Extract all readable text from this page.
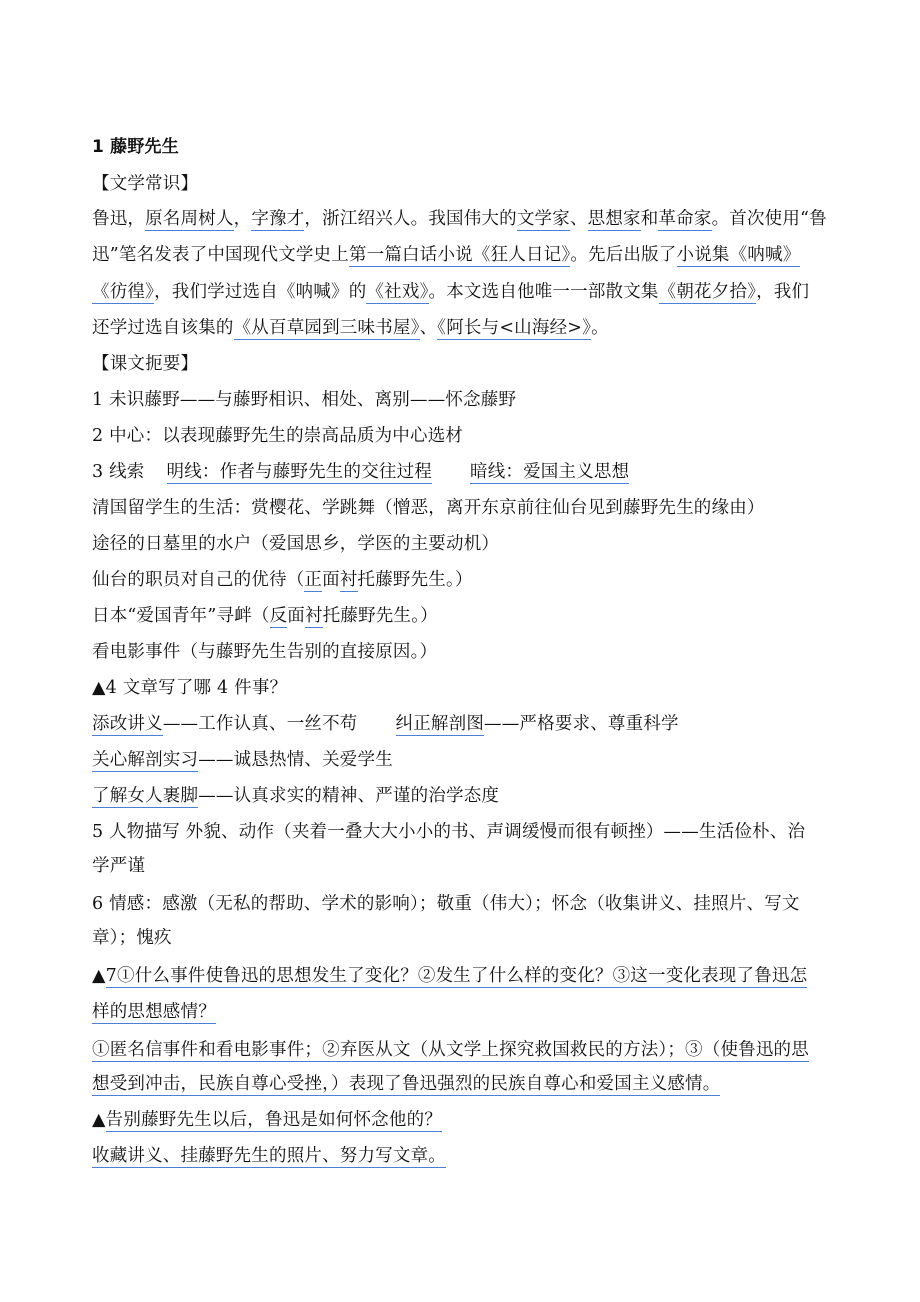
1 藤野先生
【文学常识】
鲁迅，原名周树人，字豫才，浙江绍兴人。我国伟大的文学家、思想家和革命家。首次使用“鲁
迅”笔名发表了中国现代文学史上第一篇白话小说《狂人日记》。先后出版了小说集《呐喊》
《彷徨》，我们学过选自《呐喊》的《社戏》。本文选自他唯一一部散文集《朝花夕拾》，我们
还学过选自该集的《从百草园到三味书屋》、《阿长与<山海经>》。
【课文扼要】
1 未识藤野——与藤野相识、相处、离别——怀念藤野
2 中心：以表现藤野先生的崇高品质为中心选材
3 线索 明线：作者与藤野先生的交往过程 暗线：爱国主义思想
清国留学生的生活：赏樱花、学跳舞（憎恶，离开东京前往仙台见到藤野先生的缘由）
途径的日墓里的水户（爱国思乡，学医的主要动机）
仙台的职员对自己的优待（正面衬托藤野先生。）
日本“爱国青年”寻衅（反面衬托藤野先生。）
看电影事件（与藤野先生告别的直接原因。）
▲4 文章写了哪 4 件事？
添改讲义——工作认真、一丝不苟 纠正解剖图——严格要求、尊重科学
关心解剖实习——诚恳热情、关爱学生
了解女人裹脚——认真求实的精神、严谨的治学态度
5 人物描写 外貌、动作（夹着一叠大大小小的书、声调缓慢而很有顿挫）——生活俭朴、治
学严谨
6 情感：感激（无私的帮助、学术的影响）；敬重（伟大）；怀念（收集讲义、挂照片、写文
章）；愧疚
▲7①什么事件使鲁迅的思想发生了变化？②发生了什么样的变化？③这一变化表现了鲁迅怎
样的思想感情？
①匿名信事件和看电影事件；②弃医从文（从文学上探究救国救民的方法）；③（使鲁迅的思
想受到冲击，民族自尊心受挫，）表现了鲁迅强烈的民族自尊心和爱国主义感情。
▲告别藤野先生以后，鲁迅是如何怀念他的？
收藏讲义、挂藤野先生的照片、努力写文章。
